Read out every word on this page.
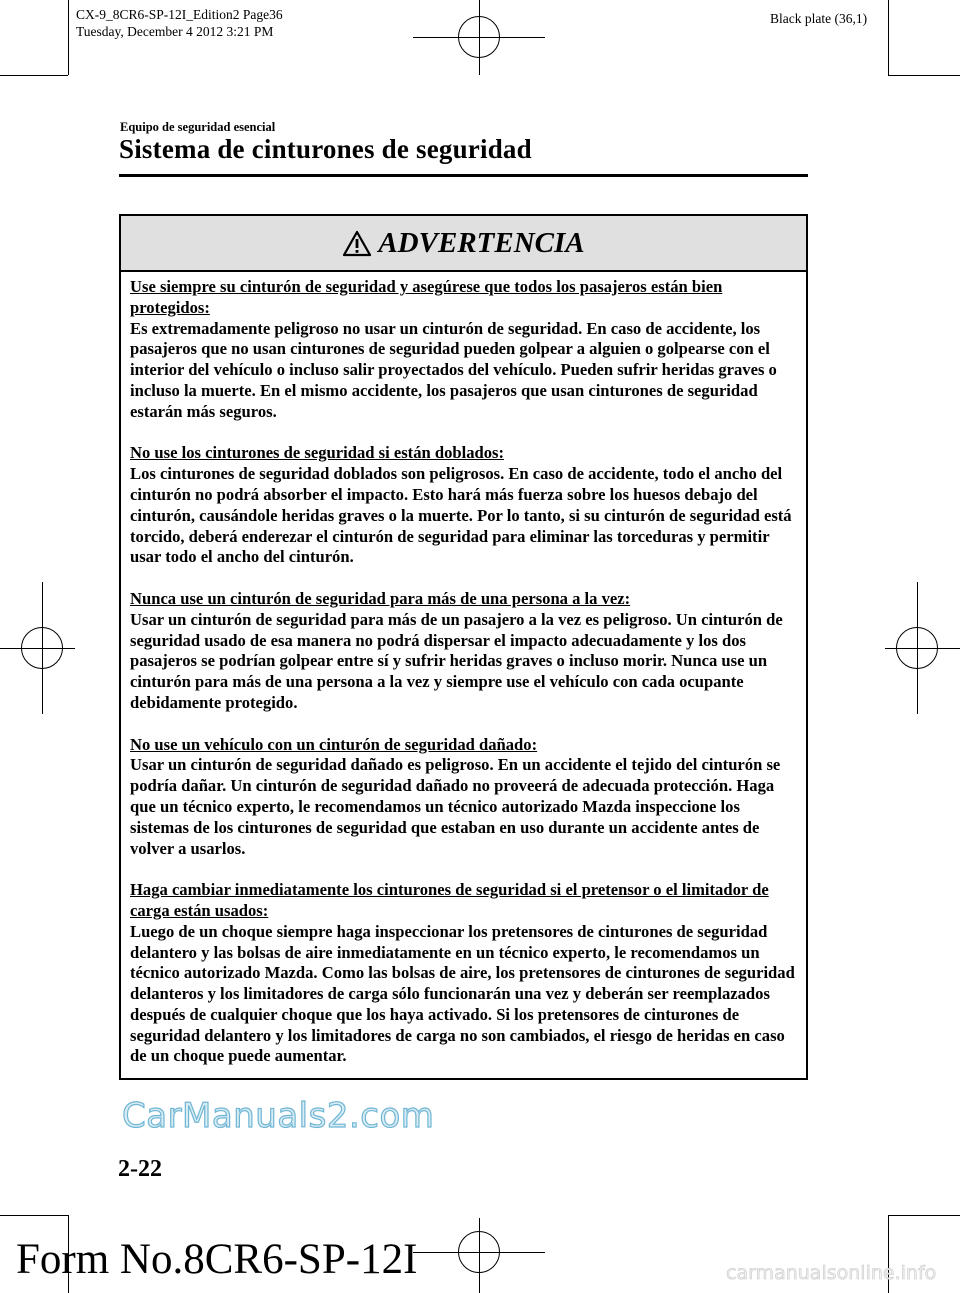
CX-9_8CR6-SP-12I_Edition2 Page36
Tuesday, December 4 2012 3:21 PM
Black plate (36,1)
Equipo de seguridad esencial
Sistema de cinturones de seguridad
ADVERTENCIA
Use siempre su cinturón de seguridad y asegúrese que todos los pasajeros están bien protegidos:
Es extremadamente peligroso no usar un cinturón de seguridad. En caso de accidente, los pasajeros que no usan cinturones de seguridad pueden golpear a alguien o golpearse con el interior del vehículo o incluso salir proyectados del vehículo. Pueden sufrir heridas graves o incluso la muerte. En el mismo accidente, los pasajeros que usan cinturones de seguridad estarán más seguros.
No use los cinturones de seguridad si están doblados:
Los cinturones de seguridad doblados son peligrosos. En caso de accidente, todo el ancho del cinturón no podrá absorber el impacto. Esto hará más fuerza sobre los huesos debajo del cinturón, causándole heridas graves o la muerte. Por lo tanto, si su cinturón de seguridad está torcido, deberá enderezar el cinturón de seguridad para eliminar las torceduras y permitir usar todo el ancho del cinturón.
Nunca use un cinturón de seguridad para más de una persona a la vez:
Usar un cinturón de seguridad para más de un pasajero a la vez es peligroso. Un cinturón de seguridad usado de esa manera no podrá dispersar el impacto adecuadamente y los dos pasajeros se podrían golpear entre sí y sufrir heridas graves o incluso morir. Nunca use un cinturón para más de una persona a la vez y siempre use el vehículo con cada ocupante debidamente protegido.
No use un vehículo con un cinturón de seguridad dañado:
Usar un cinturón de seguridad dañado es peligroso. En un accidente el tejido del cinturón se podría dañar. Un cinturón de seguridad dañado no proveerá de adecuada protección. Haga que un técnico experto, le recomendamos un técnico autorizado Mazda inspeccione los sistemas de los cinturones de seguridad que estaban en uso durante un accidente antes de volver a usarlos.
Haga cambiar inmediatamente los cinturones de seguridad si el pretensor o el limitador de carga están usados:
Luego de un choque siempre haga inspeccionar los pretensores de cinturones de seguridad delantero y las bolsas de aire inmediatamente en un técnico experto, le recomendamos un técnico autorizado Mazda. Como las bolsas de aire, los pretensores de cinturones de seguridad delanteros y los limitadores de carga sólo funcionarán una vez y deberán ser reemplazados después de cualquier choque que los haya activado. Si los pretensores de cinturones de seguridad delantero y los limitadores de carga no son cambiados, el riesgo de heridas en caso de un choque puede aumentar.
CarManuals2.com
2-22
Form No.8CR6-SP-12I	carmanualsonline.info
